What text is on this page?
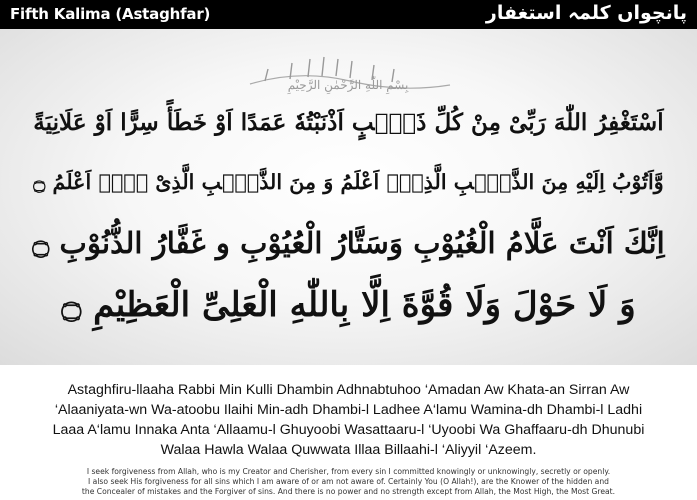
Fifth Kalima (Astaghfar)	پانچواں کلمہ استغفار
بِسْمِ اللّٰهِ الرَّحْمٰنِ الرَّحِيْمِ
اَسْتَغْفِرُ اللّٰهَ رَبِّیْ مِنْ کُلِّ ذَنْۢبٍ اَذْنَبْتُهٗ عَمَدًا اَوْ خَطَأً سِرًّا اَوْ عَلَانِیَةً
وَّاَتُوْبُ اِلَیْهِ مِنَ الذَّنْۢبِ الَّذِیْۤ اَعْلَمُ وَ مِنَ الذَّنْۢبِ الَّذِیْ لَاۤ اَعْلَمُ ۝
اِنَّكَ اَنْتَ عَلَّامُ الْغُیُوْبِ وَسَتَّارُ الْعُیُوْبِ و غَفَّارُ الذُّنُوْبِ ۝
وَ لَا حَوْلَ وَلَا قُوَّةَ اِلَّا بِاللّٰهِ الْعَلِیِّ الْعَظِیْمِ ۝
Astaghfiru-llaaha Rabbi Min Kulli Dhambin Adhnabtuhoo ‘Amadan Aw Khata-an Sirran Aw
‘Alaaniyata-wn Wa-atoobu Ilaihi Min-adh Dhambi-l Ladhee A‘lamu Wamina-dh Dhambi-l Ladhi
Laaa A‘lamu Innaka Anta ‘Allaamu-l Ghuyoobi Wasattaaru-l ‘Uyoobi Wa Ghaffaaru-dh Dhunubi
Walaa Hawla Walaa Quwwata Illaa Billaahi-l ‘Aliyyil ‘Azeem.
I seek forgiveness from Allah, who is my Creator and Cherisher, from every sin I committed knowingly or unknowingly, secretly or openly.
I also seek His forgiveness for all sins which I am aware of or am not aware of. Certainly You (O Allah!), are the Knower of the hidden and
the Concealer of mistakes and the Forgiver of sins. And there is no power and no strength except from Allah, the Most High, the Most Great.
